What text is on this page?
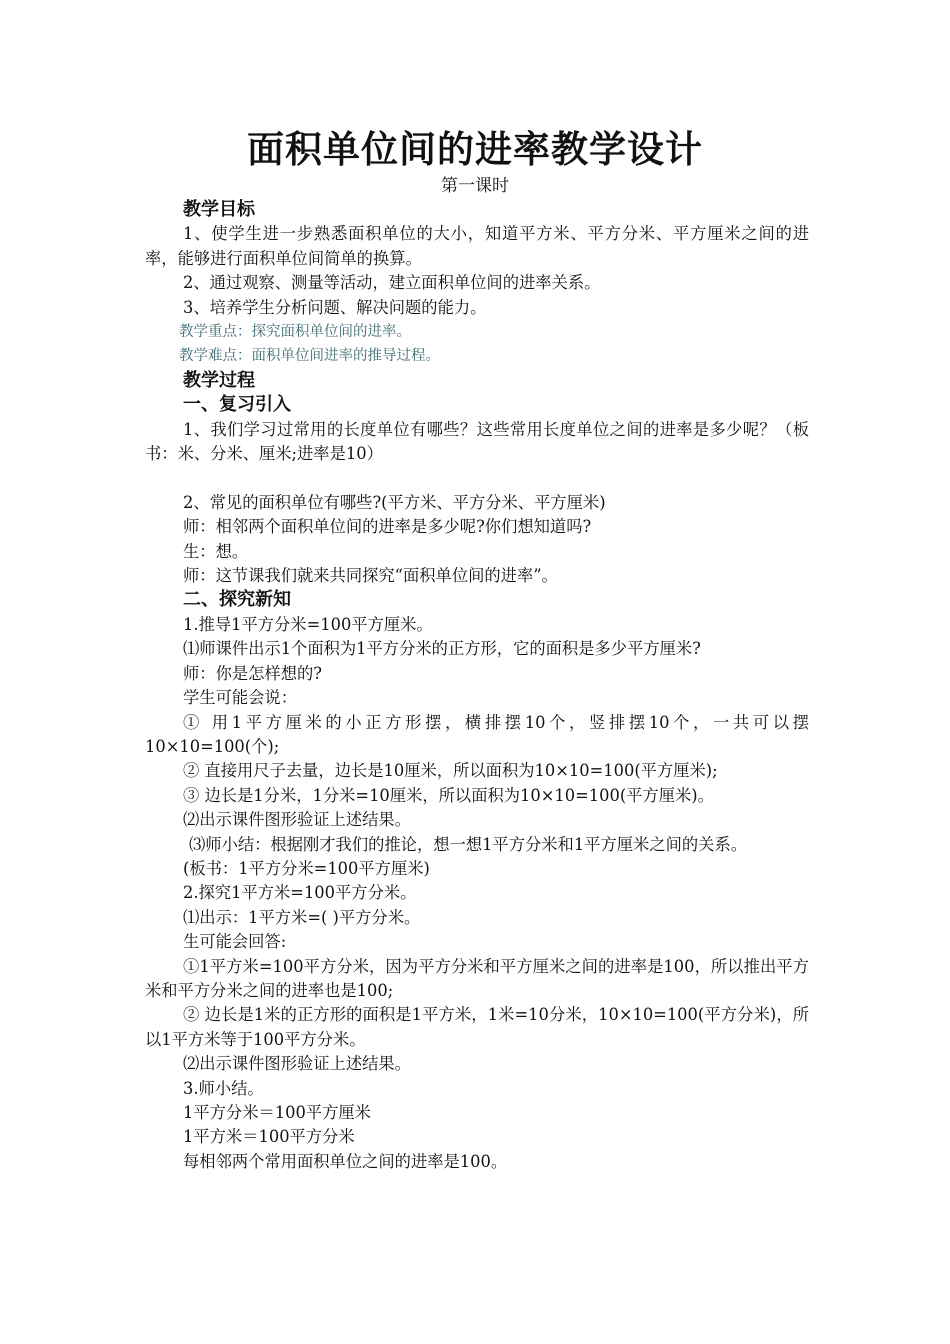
面积单位间的进率教学设计

第一课时

教学目标

1、使学生进一步熟悉面积单位的大小，知道平方米、平方分米、平方厘米之间的进率，能够进行面积单位间简单的换算。

2、通过观察、测量等活动，建立面积单位间的进率关系。

3、培养学生分析问题、解决问题的能力。

教学重点：探究面积单位间的进率。

教学难点：面积单位间进率的推导过程。

教学过程

一、复习引入

1、我们学习过常用的长度单位有哪些？这些常用长度单位之间的进率是多少呢？（板书：米、分米、厘米;进率是10）

2、常见的面积单位有哪些?(平方米、平方分米、平方厘米)

师：相邻两个面积单位间的进率是多少呢?你们想知道吗?

生：想。

师：这节课我们就来共同探究“面积单位间的进率”。

二、探究新知

1.推导1平方分米=100平方厘米。

⑴师课件出示1个面积为1平方分米的正方形，它的面积是多少平方厘米?

师：你是怎样想的?

学生可能会说：

① 用1平方厘米的小正方形摆，横排摆10个，竖排摆10个，一共可以摆10×10=100(个);

② 直接用尺子去量，边长是10厘米，所以面积为10×10=100(平方厘米);

③ 边长是1分米，1分米=10厘米，所以面积为10×10=100(平方厘米)。

⑵出示课件图形验证上述结果。

⑶师小结：根据刚才我们的推论，想一想1平方分米和1平方厘米之间的关系。

(板书：1平方分米=100平方厘米)

2.探究1平方米=100平方分米。

⑴出示：1平方米=( )平方分米。

生可能会回答:

①1平方米=100平方分米，因为平方分米和平方厘米之间的进率是100，所以推出平方米和平方分米之间的进率也是100;

② 边长是1米的正方形的面积是1平方米，1米=10分米，10×10=100(平方分米)，所以1平方米等于100平方分米。

⑵出示课件图形验证上述结果。

3.师小结。

1平方分米＝100平方厘米

1平方米＝100平方分米

每相邻两个常用面积单位之间的进率是100。
